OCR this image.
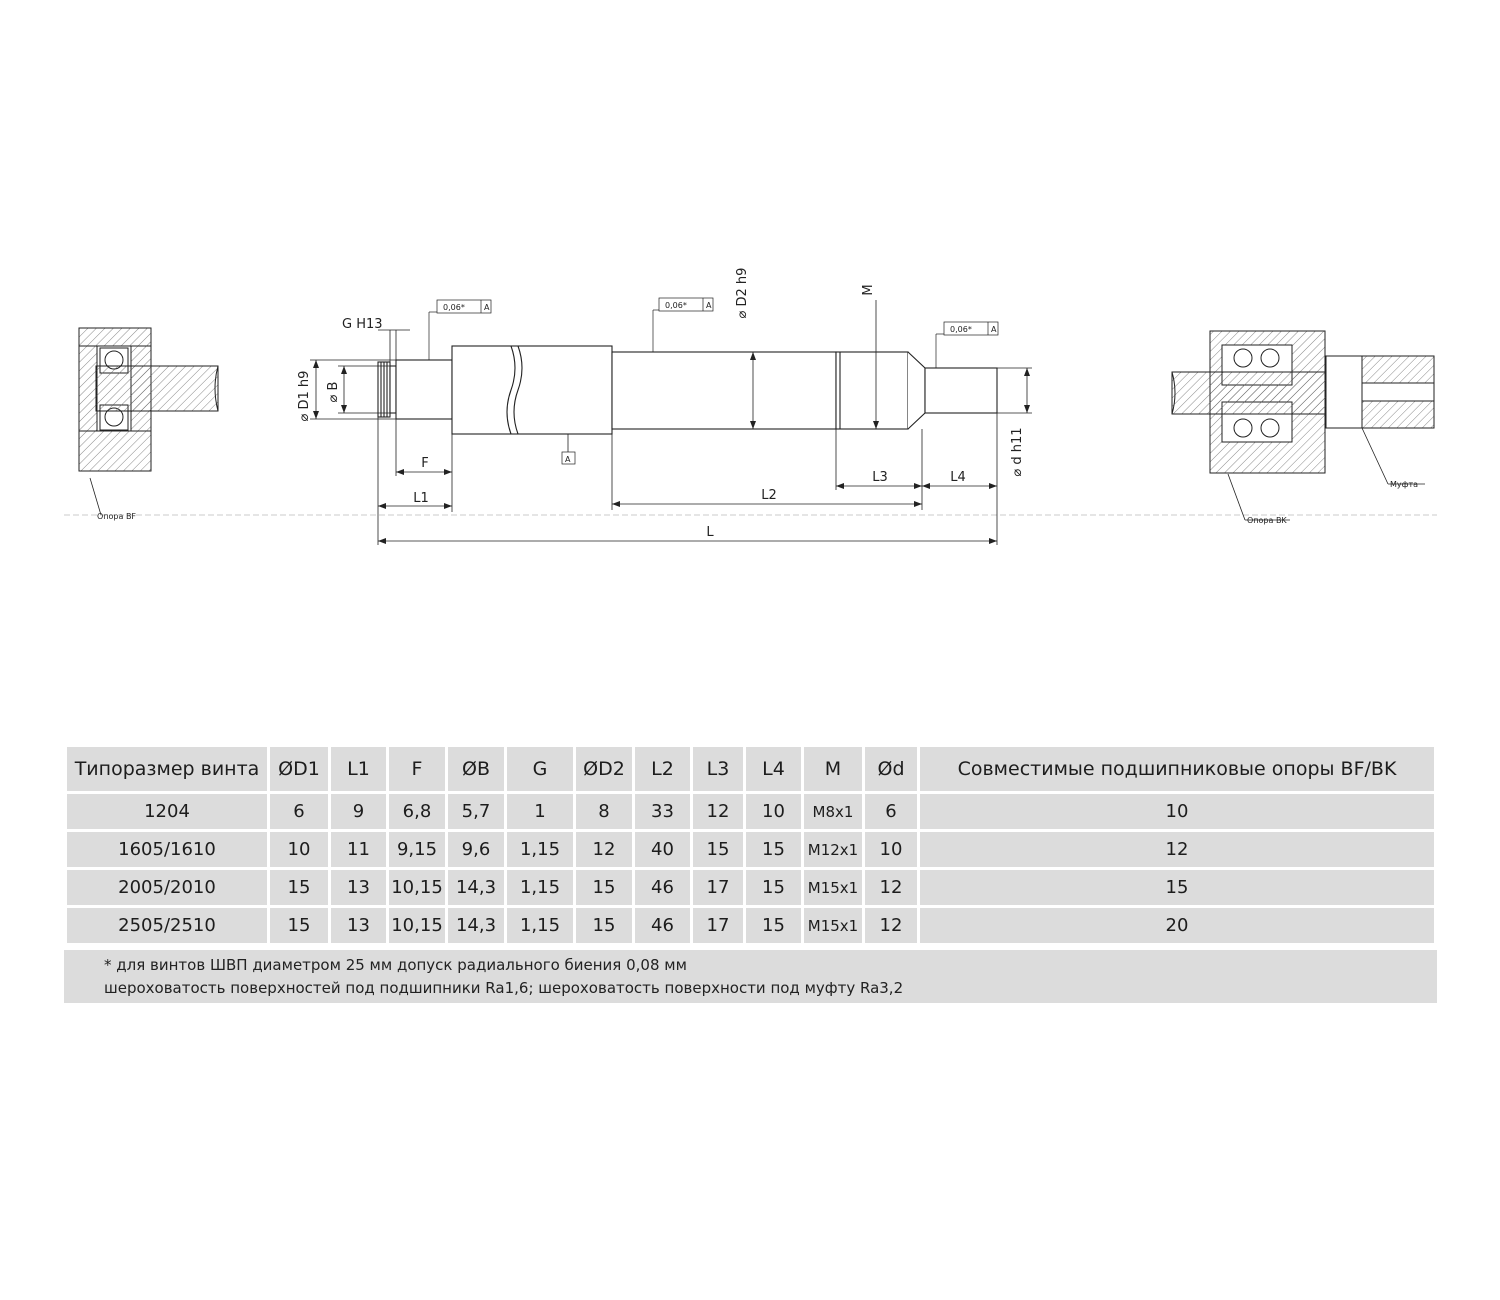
Опора BF
Муфта
Опора BK
0,06* A	0,06* A
0,06* A
A
G H13
⌀ D1 h9 ⌀ B
⌀ D2 h9	M
⌀ d h11
F
L1	L2
L3	L4
L
Типоразмер винта	ØD1	L1	F	ØB	G	ØD2	L2	L3	L4	M	Ød	Совместимые подшипниковые опоры BF/BK
1204	6	9	6,8	5,7	1	8	33	12	10	M8x1	6	10
1605/1610	10	11	9,15	9,6	1,15	12	40	15	15	M12x1	10	12
2005/2010	15	13	10,15	14,3	1,15	15	46	17	15	M15x1	12	15
2505/2510	15	13	10,15	14,3	1,15	15	46	17	15	M15x1	12	20
* для винтов ШВП диаметром 25 мм допуск радиального биения 0,08 мм
шероховатость поверхностей под подшипники Ra1,6; шероховатость поверхности под муфту Ra3,2
